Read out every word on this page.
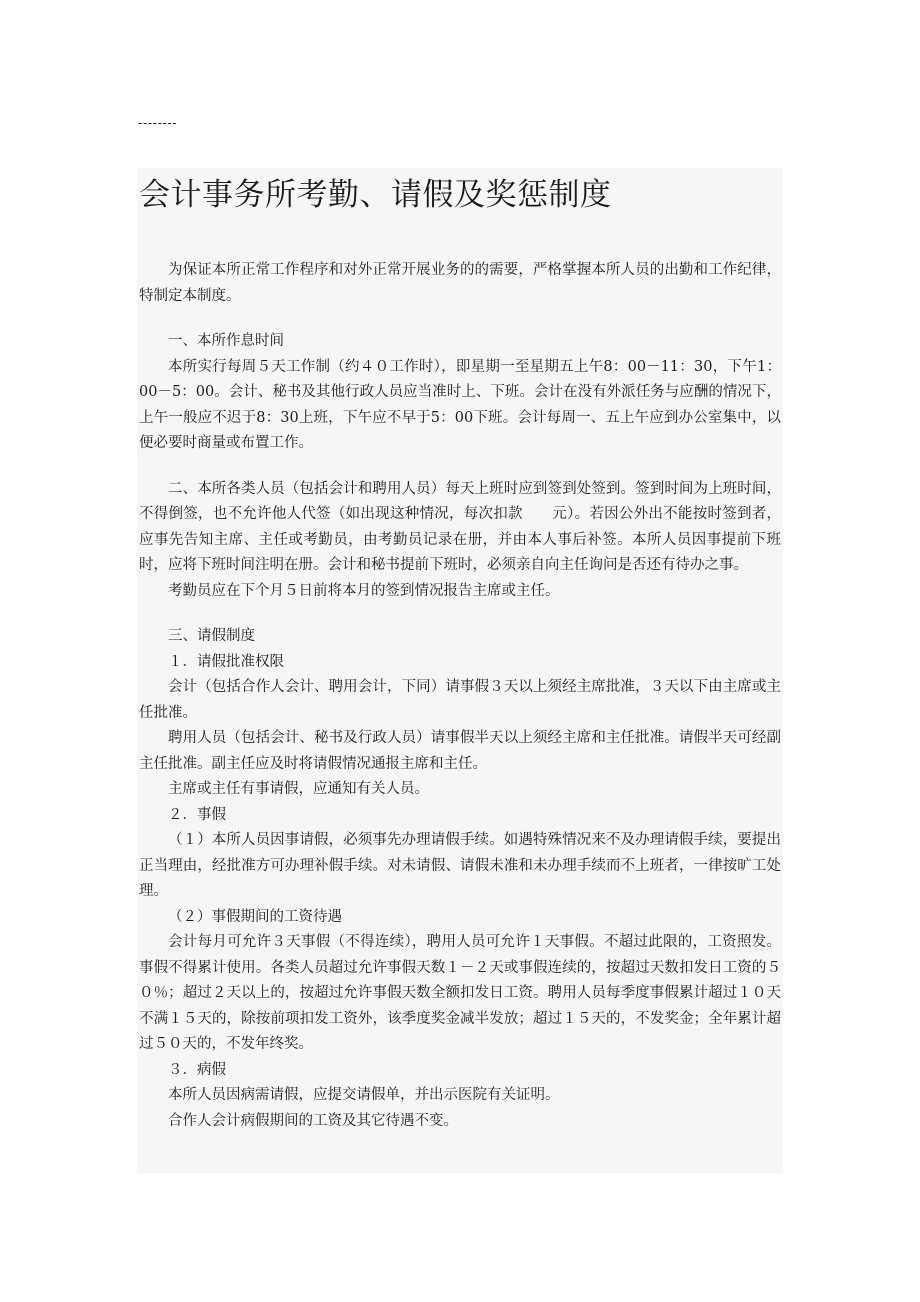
--------
会计事务所考勤、请假及奖惩制度

为保证本所正常工作程序和对外正常开展业务的的需要，严格掌握本所人员的出勤和工作纪律，特制定本制度。

一、本所作息时间

本所实行每周５天工作制（约４０工作时），即星期一至星期五上午8：00－11：30，下午1：00－5：00。会计、秘书及其他行政人员应当准时上、下班。会计在没有外派任务与应酬的情况下，上午一般应不迟于8：30上班，下午应不早于5：00下班。会计每周一、五上午应到办公室集中，以便必要时商量或布置工作。

二、本所各类人员（包括会计和聘用人员）每天上班时应到签到处签到。签到时间为上班时间，不得倒签，也不允许他人代签（如出现这种情况，每次扣款　　元）。若因公外出不能按时签到者，应事先告知主席、主任或考勤员，由考勤员记录在册，并由本人事后补签。本所人员因事提前下班时，应将下班时间注明在册。会计和秘书提前下班时，必须亲自向主任询问是否还有待办之事。

考勤员应在下个月５日前将本月的签到情况报告主席或主任。

三、请假制度

１．请假批准权限

会计（包括合作人会计、聘用会计，下同）请事假３天以上须经主席批准，３天以下由主席或主任批准。

聘用人员（包括会计、秘书及行政人员）请事假半天以上须经主席和主任批准。请假半天可经副主任批准。副主任应及时将请假情况通报主席和主任。

主席或主任有事请假，应通知有关人员。

２．事假

（１）本所人员因事请假，必须事先办理请假手续。如遇特殊情况来不及办理请假手续，要提出正当理由，经批准方可办理补假手续。对未请假、请假未准和未办理手续而不上班者，一律按旷工处理。

（２）事假期间的工资待遇

会计每月可允许３天事假（不得连续），聘用人员可允许１天事假。不超过此限的，工资照发。事假不得累计使用。各类人员超过允许事假天数１－２天或事假连续的，按超过天数扣发日工资的５０％；超过２天以上的，按超过允许事假天数全额扣发日工资。聘用人员每季度事假累计超过１０天不满１５天的，除按前项扣发工资外，该季度奖金减半发放；超过１５天的，不发奖金；全年累计超过５０天的，不发年终奖。

３．病假

本所人员因病需请假，应提交请假单，并出示医院有关证明。

合作人会计病假期间的工资及其它待遇不变。
